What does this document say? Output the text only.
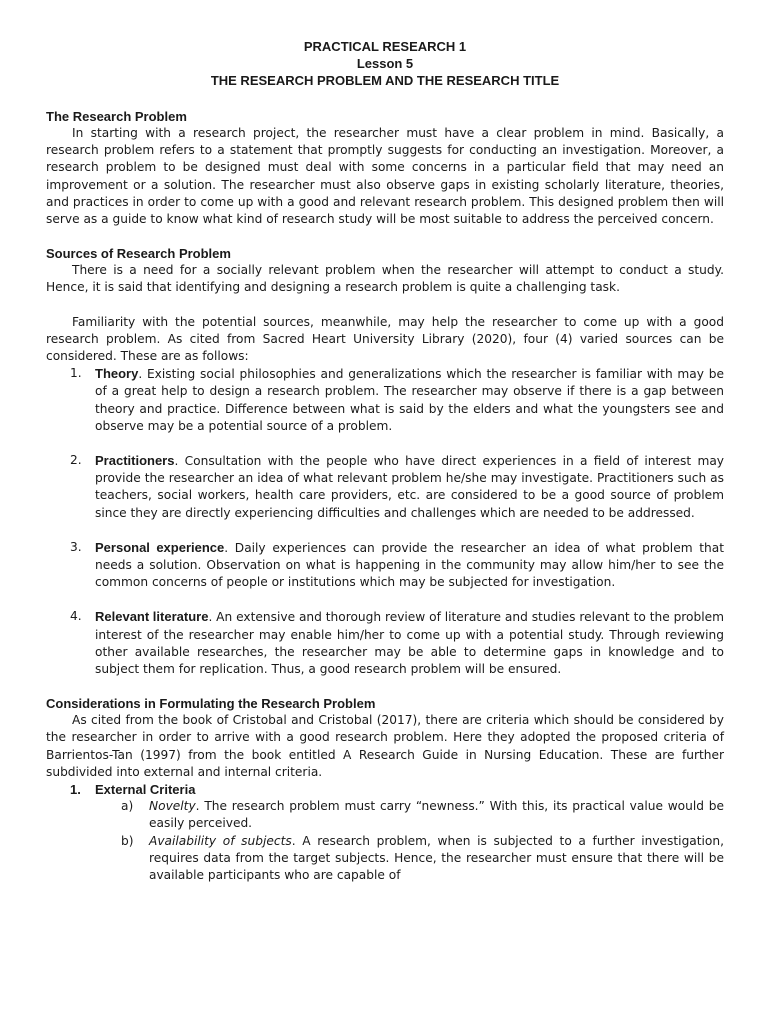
PRACTICAL RESEARCH 1
Lesson 5
THE RESEARCH PROBLEM AND THE RESEARCH TITLE
The Research Problem

In starting with a research project, the researcher must have a clear problem in mind. Basically, a research problem refers to a statement that promptly suggests for conducting an investigation. Moreover, a research problem to be designed must deal with some concerns in a particular field that may need an improvement or a solution. The researcher must also observe gaps in existing scholarly literature, theories, and practices in order to come up with a good and relevant research problem. This designed problem then will serve as a guide to know what kind of research study will be most suitable to address the perceived concern.

Sources of Research Problem

There is a need for a socially relevant problem when the researcher will attempt to conduct a study. Hence, it is said that identifying and designing a research problem is quite a challenging task.

Familiarity with the potential sources, meanwhile, may help the researcher to come up with a good research problem. As cited from Sacred Heart University Library (2020), four (4) varied sources can be considered. These are as follows:

1. Theory. Existing social philosophies and generalizations which the researcher is familiar with may be of a great help to design a research problem. The researcher may observe if there is a gap between theory and practice. Difference between what is said by the elders and what the youngsters see and observe may be a potential source of a problem.
2. Practitioners. Consultation with the people who have direct experiences in a field of interest may provide the researcher an idea of what relevant problem he/she may investigate. Practitioners such as teachers, social workers, health care providers, etc. are considered to be a good source of problem since they are directly experiencing difficulties and challenges which are needed to be addressed.
3. Personal experience. Daily experiences can provide the researcher an idea of what problem that needs a solution. Observation on what is happening in the community may allow him/her to see the common concerns of people or institutions which may be subjected for investigation.
4. Relevant literature. An extensive and thorough review of literature and studies relevant to the problem interest of the researcher may enable him/her to come up with a potential study. Through reviewing other available researches, the researcher may be able to determine gaps in knowledge and to subject them for replication. Thus, a good research problem will be ensured.
Considerations in Formulating the Research Problem

As cited from the book of Cristobal and Cristobal (2017), there are criteria which should be considered by the researcher in order to arrive with a good research problem. Here they adopted the proposed criteria of Barrientos-Tan (1997) from the book entitled A Research Guide in Nursing Education. These are further subdivided into external and internal criteria.

1. External Criteria
a) Novelty. The research problem must carry “newness.” With this, its practical value would be easily perceived.
b) Availability of subjects. A research problem, when is subjected to a further investigation, requires data from the target subjects. Hence, the researcher must ensure that there will be available participants who are capable of
